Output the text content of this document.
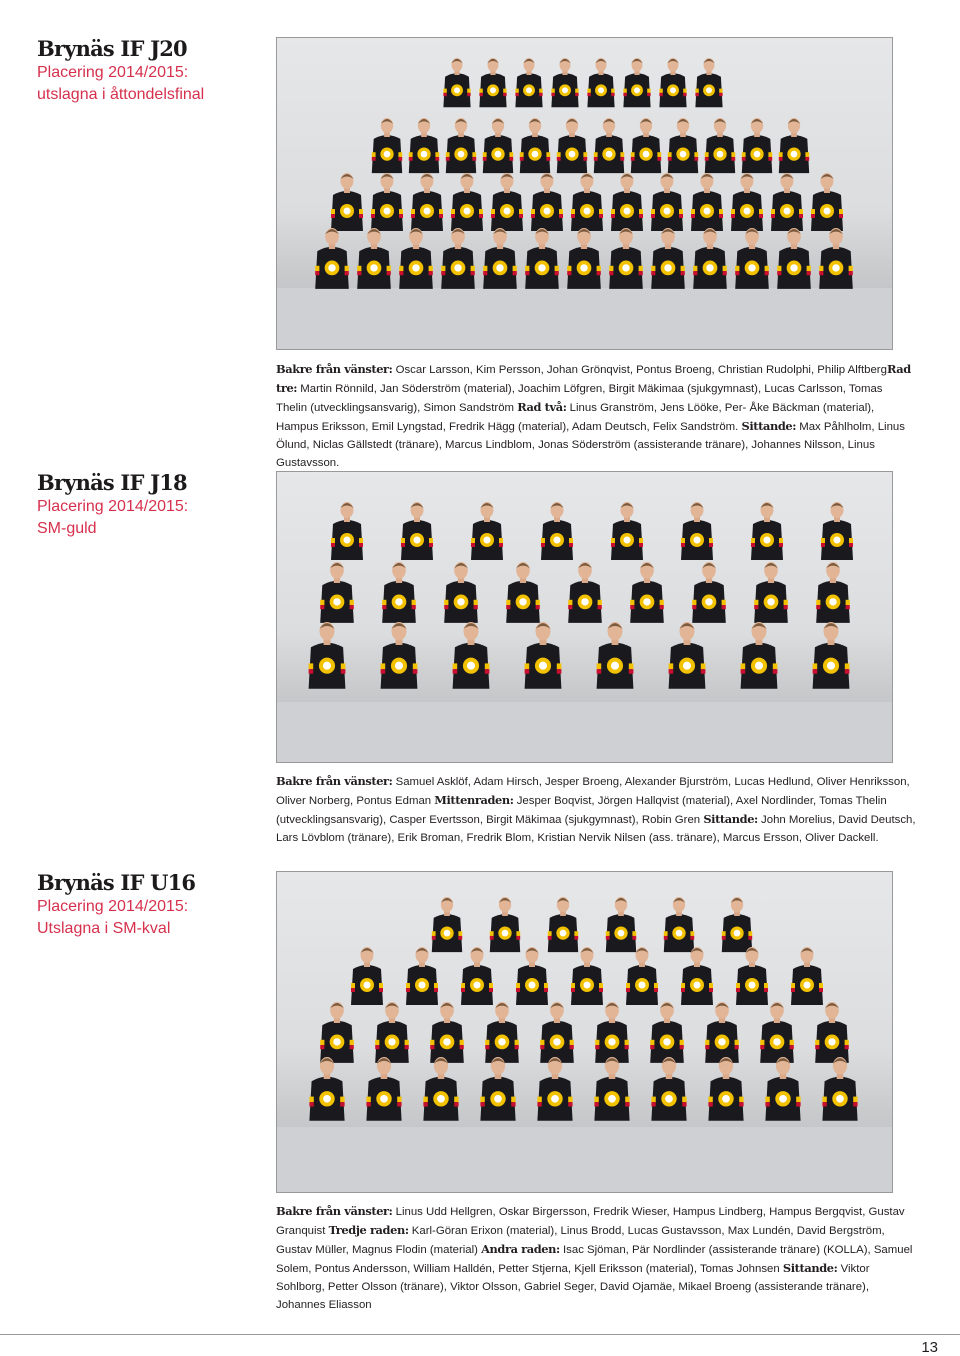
Brynäs IF J20
Placering 2014/2015:
utslagna i åttondelsfinal
Bakre från vänster: Oscar Larsson, Kim Persson, Johan Grönqvist, Pontus Broeng, Christian Rudolphi, Philip AlftbergRad tre: Martin Rönnild, Jan Söderström (material), Joachim Löfgren, Birgit Mäkimaa (sjukgymnast), Lucas Carlsson, Tomas Thelin (utvecklingsansvarig), Simon Sandström Rad två: Linus Granström, Jens Lööke, Per- Åke Bäckman (material), Hampus Eriksson, Emil Lyngstad, Fredrik Hägg (material), Adam Deutsch, Felix Sandström. Sittande: Max Påhlholm, Linus Ölund, Niclas Gällstedt (tränare), Marcus Lindblom, Jonas Söderström (assisterande tränare), Johannes Nilsson, Linus Gustavsson.
Brynäs IF J18
Placering 2014/2015:
SM-guld
Bakre från vänster: Samuel Asklöf, Adam Hirsch, Jesper Broeng, Alexander Bjurström, Lucas Hedlund, Oliver Henriksson, Oliver Norberg, Pontus Edman Mittenraden: Jesper Boqvist, Jörgen Hallqvist (material), Axel Nordlinder, Tomas Thelin (utvecklingsansvarig), Casper Evertsson, Birgit Mäkimaa (sjukgymnast), Robin Gren Sittande: John Morelius, David Deutsch, Lars Lövblom (tränare), Erik Broman, Fredrik Blom, Kristian Nervik Nilsen (ass. tränare), Marcus Ersson, Oliver Dackell.
Brynäs IF U16
Placering 2014/2015:
Utslagna i SM-kval
Bakre från vänster: Linus Udd Hellgren, Oskar Birgersson, Fredrik Wieser, Hampus Lindberg, Hampus Bergqvist, Gustav Granquist Tredje raden: Karl-Göran Erixon (material), Linus Brodd, Lucas Gustavsson, Max Lundén, David Bergström, Gustav Müller, Magnus Flodin (material) Andra raden: Isac Sjöman, Pär Nordlinder (assisterande tränare) (KOLLA), Samuel Solem, Pontus Andersson, William Halldén, Petter Stjerna, Kjell Eriksson (material), Tomas Johnsen Sittande: Viktor Sohlborg, Petter Olsson (tränare), Viktor Olsson, Gabriel Seger, David Ojamäe, Mikael Broeng (assisterande tränare), Johannes Eliasson
13
